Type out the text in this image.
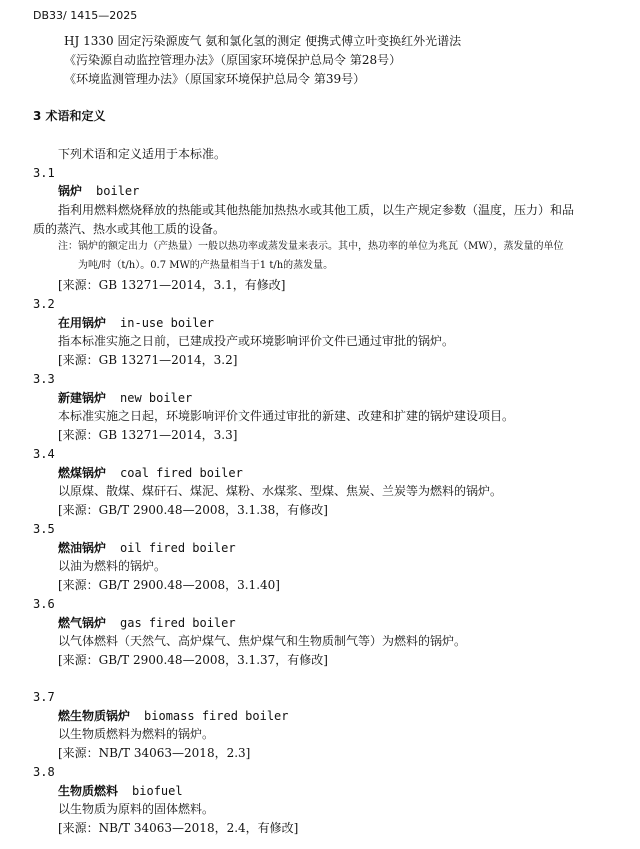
DB33/ 1415—2025
HJ 1330 固定污染源废气 氨和氯化氢的测定 便携式傅立叶变换红外光谱法
《污染源自动监控管理办法》（原国家环境保护总局令 第28号）
《环境监测管理办法》（原国家环境保护总局令 第39号）
3 术语和定义
下列术语和定义适用于本标准。
3.1
锅炉 boiler
指利用燃料燃烧释放的热能或其他热能加热热水或其他工质，以生产规定参数（温度，压力）和品
质的蒸汽、热水或其他工质的设备。
注：锅炉的额定出力（产热量）一般以热功率或蒸发量来表示。其中，热功率的单位为兆瓦（MW），蒸发量的单位
为吨/时（t/h）。0.7 MW的产热量相当于1 t/h的蒸发量。
[来源：GB 13271—2014，3.1，有修改]
3.2
在用锅炉 in-use boiler
指本标准实施之日前，已建成投产或环境影响评价文件已通过审批的锅炉。
[来源：GB 13271—2014，3.2]
3.3
新建锅炉 new boiler
本标准实施之日起，环境影响评价文件通过审批的新建、改建和扩建的锅炉建设项目。
[来源：GB 13271—2014，3.3]
3.4
燃煤锅炉 coal fired boiler
以原煤、散煤、煤矸石、煤泥、煤粉、水煤浆、型煤、焦炭、兰炭等为燃料的锅炉。
[来源：GB/T 2900.48—2008，3.1.38，有修改]
3.5
燃油锅炉 oil fired boiler
以油为燃料的锅炉。
[来源：GB/T 2900.48—2008，3.1.40]
3.6
燃气锅炉 gas fired boiler
以气体燃料（天然气、高炉煤气、焦炉煤气和生物质制气等）为燃料的锅炉。
[来源：GB/T 2900.48—2008，3.1.37，有修改]
3.7
燃生物质锅炉 biomass fired boiler
以生物质燃料为燃料的锅炉。
[来源：NB/T 34063—2018，2.3]
3.8
生物质燃料 biofuel
以生物质为原料的固体燃料。
[来源：NB/T 34063—2018，2.4，有修改]
